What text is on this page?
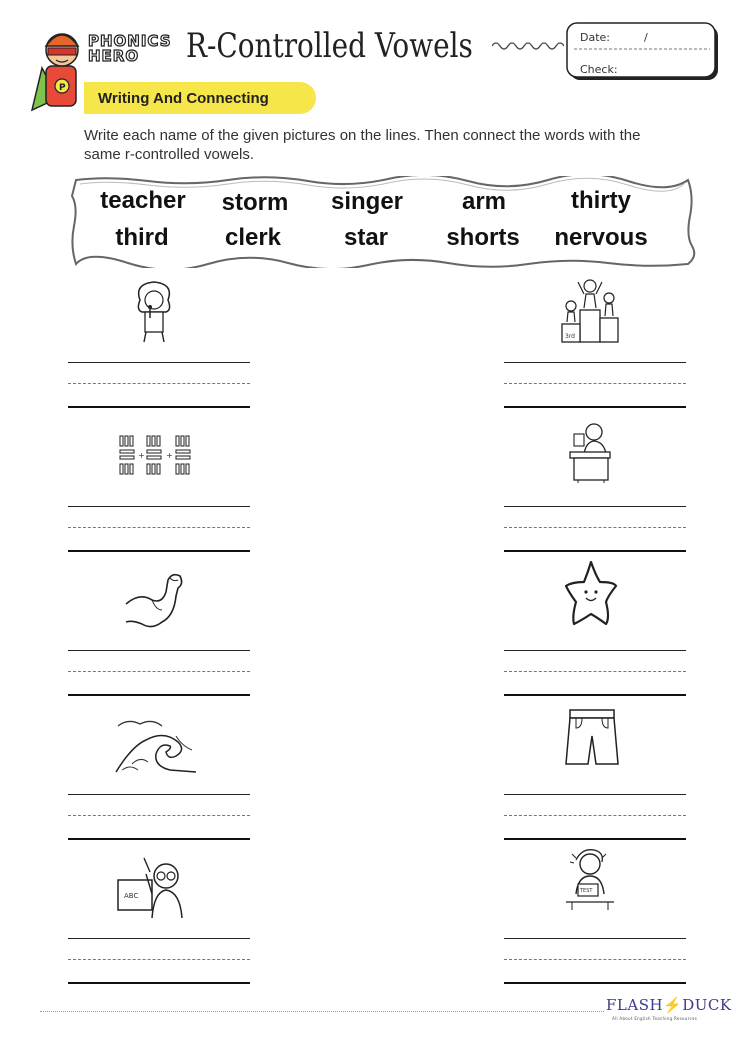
P
PHONICS
HERO	R-Controlled Vowels	Date:	/
Check:
Writing And Connecting
Write each name of the given pictures on the lines. Then connect the words with the same r-controlled vowels.
teacher	storm	singer	arm	thirty
third	clerk	star	shorts	nervous
+	+
ABC
3rd
TEST
FLASH⚡DUCK
All About English Teaching Resources
